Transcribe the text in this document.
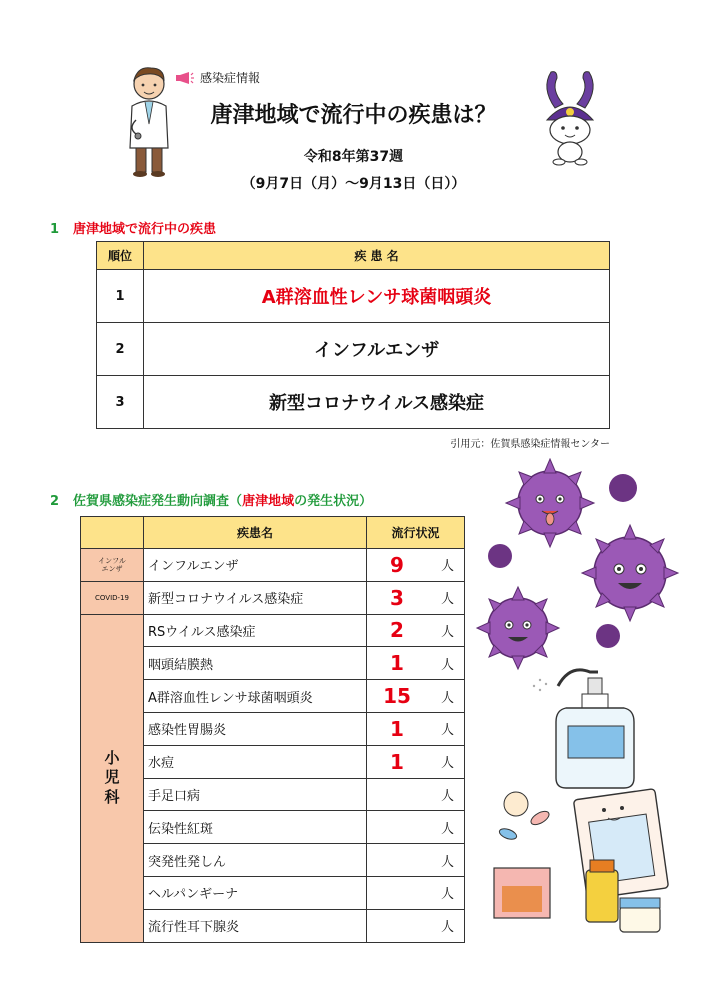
感染症情報
唐津地域で流行中の疾患は？
令和8年第37週
（9月7日（月）～9月13日（日））
1 唐津地域で流行中の疾患
順位	疾 患 名
1	A群溶血性レンサ球菌咽頭炎
2	インフルエンザ
3	新型コロナウイルス感染症
引用元：佐賀県感染症情報センター
2 佐賀県感染症発生動向調査（唐津地域の発生状況）
	疾患名	流行状況
インフル
エンザ	インフルエンザ	9 人

COVID-19	新型コロナウイルス感染症	3 人

小
児
科	RSウイルス感染症	2 人

	咽頭結膜熱	1 人

	A群溶血性レンサ球菌咽頭炎	15 人

	感染性胃腸炎	1 人

	水痘	1 人

	手足口病	人

	伝染性紅斑	人

	突発性発しん	人

	ヘルパンギーナ	人

	流行性耳下腺炎	人
